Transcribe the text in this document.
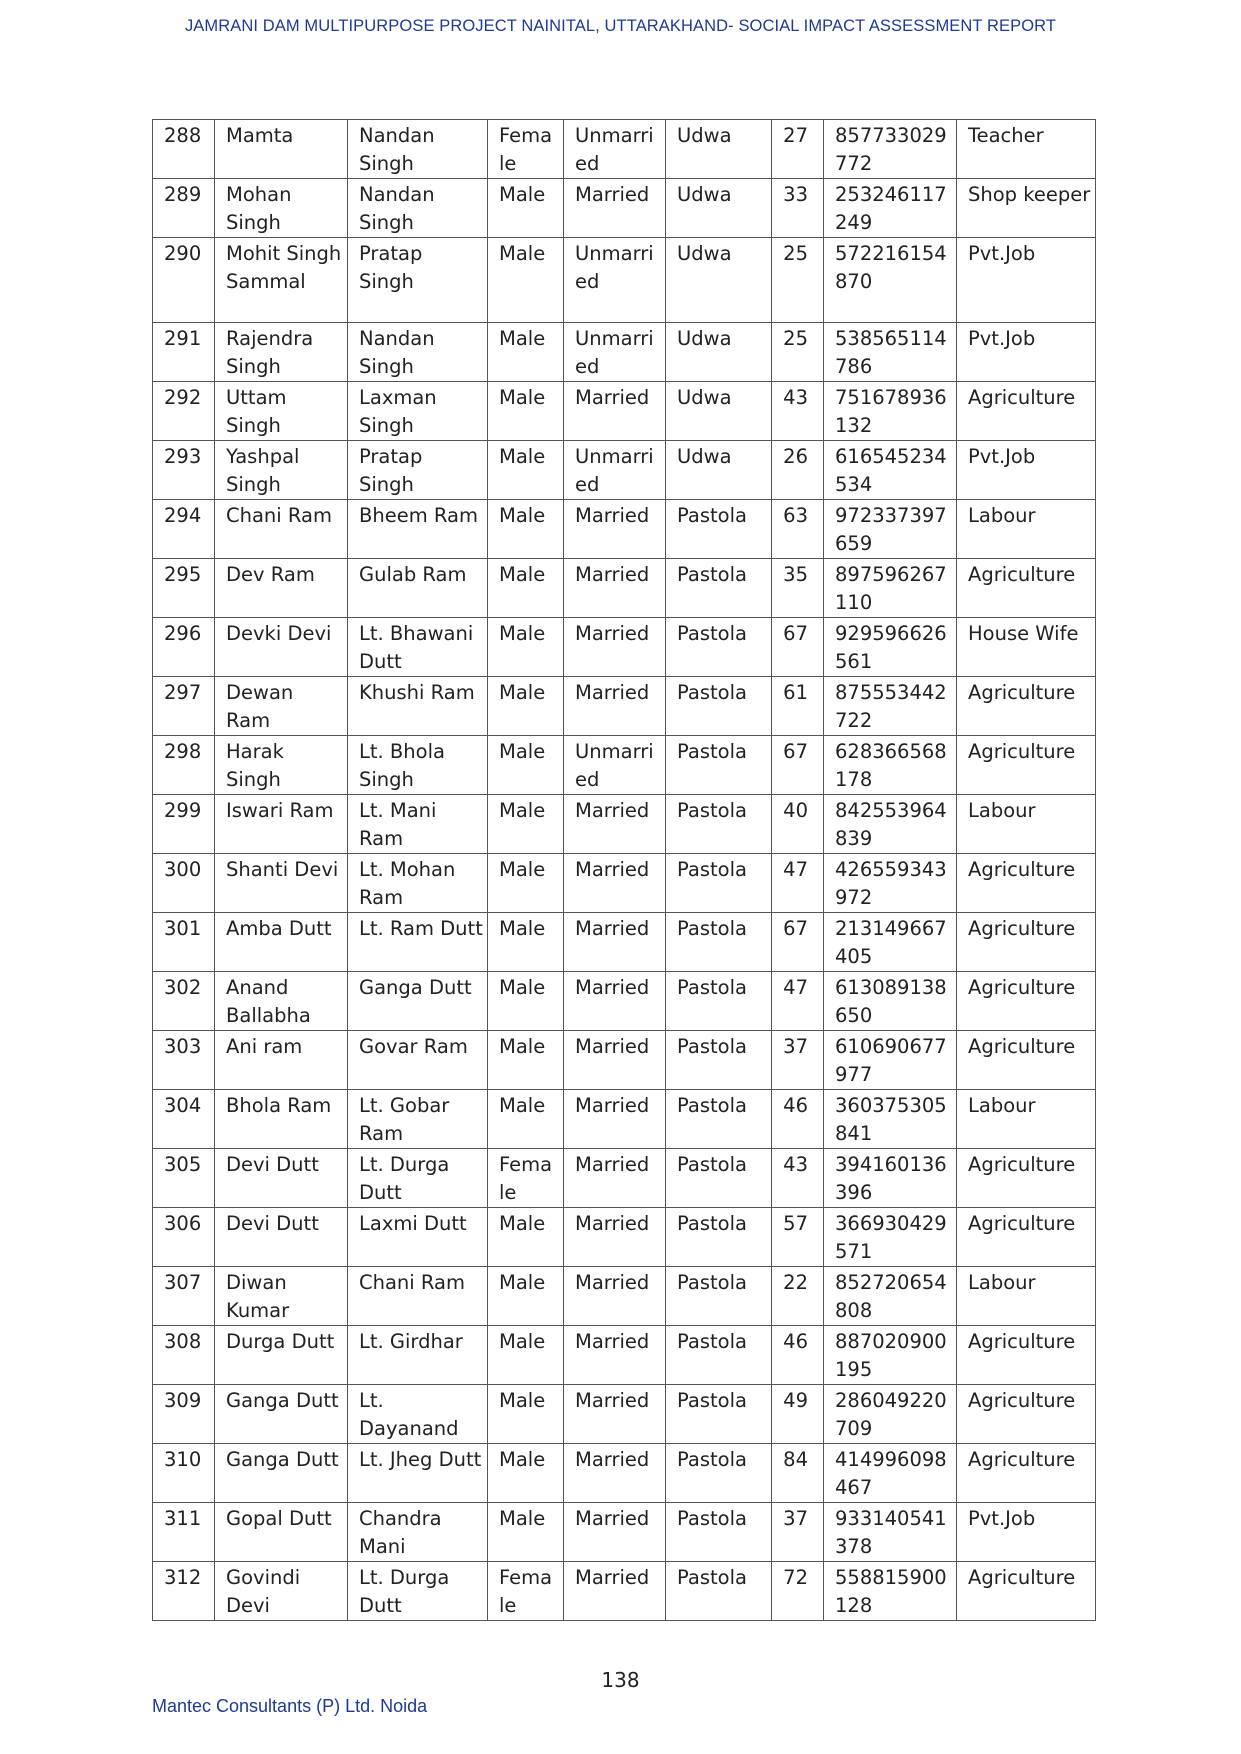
JAMRANI DAM MULTIPURPOSE PROJECT NAINITAL, UTTARAKHAND- SOCIAL IMPACT ASSESSMENT REPORT
288	Mamta	Nandan Singh	Fema le	Unmarri ed	Udwa	27	857733029 772	Teacher
289	Mohan Singh	Nandan Singh	Male	Married	Udwa	33	253246117 249	Shop keeper
290	Mohit Singh Sammal	Pratap Singh	Male	Unmarri ed	Udwa	25	572216154 870	Pvt.Job
291	Rajendra Singh	Nandan Singh	Male	Unmarri ed	Udwa	25	538565114 786	Pvt.Job
292	Uttam Singh	Laxman Singh	Male	Married	Udwa	43	751678936 132	Agriculture
293	Yashpal Singh	Pratap Singh	Male	Unmarri ed	Udwa	26	616545234 534	Pvt.Job
294	Chani Ram	Bheem Ram	Male	Married	Pastola	63	972337397 659	Labour
295	Dev Ram	Gulab Ram	Male	Married	Pastola	35	897596267 110	Agriculture
296	Devki Devi	Lt. Bhawani Dutt	Male	Married	Pastola	67	929596626 561	House Wife
297	Dewan Ram	Khushi Ram	Male	Married	Pastola	61	875553442 722	Agriculture
298	Harak Singh	Lt. Bhola Singh	Male	Unmarri ed	Pastola	67	628366568 178	Agriculture
299	Iswari Ram	Lt. Mani Ram	Male	Married	Pastola	40	842553964 839	Labour
300	Shanti Devi	Lt. Mohan Ram	Male	Married	Pastola	47	426559343 972	Agriculture
301	Amba Dutt	Lt. Ram Dutt	Male	Married	Pastola	67	213149667 405	Agriculture
302	Anand Ballabha	Ganga Dutt	Male	Married	Pastola	47	613089138 650	Agriculture
303	Ani ram	Govar Ram	Male	Married	Pastola	37	610690677 977	Agriculture
304	Bhola Ram	Lt. Gobar Ram	Male	Married	Pastola	46	360375305 841	Labour
305	Devi Dutt	Lt. Durga Dutt	Fema le	Married	Pastola	43	394160136 396	Agriculture
306	Devi Dutt	Laxmi Dutt	Male	Married	Pastola	57	366930429 571	Agriculture
307	Diwan Kumar	Chani Ram	Male	Married	Pastola	22	852720654 808	Labour
308	Durga Dutt	Lt. Girdhar	Male	Married	Pastola	46	887020900 195	Agriculture
309	Ganga Dutt	Lt. Dayanand	Male	Married	Pastola	49	286049220 709	Agriculture
310	Ganga Dutt	Lt. Jheg Dutt	Male	Married	Pastola	84	414996098 467	Agriculture
311	Gopal Dutt	Chandra Mani	Male	Married	Pastola	37	933140541 378	Pvt.Job
312	Govindi Devi	Lt. Durga Dutt	Fema le	Married	Pastola	72	558815900 128	Agriculture
138
Mantec Consultants (P) Ltd. Noida
